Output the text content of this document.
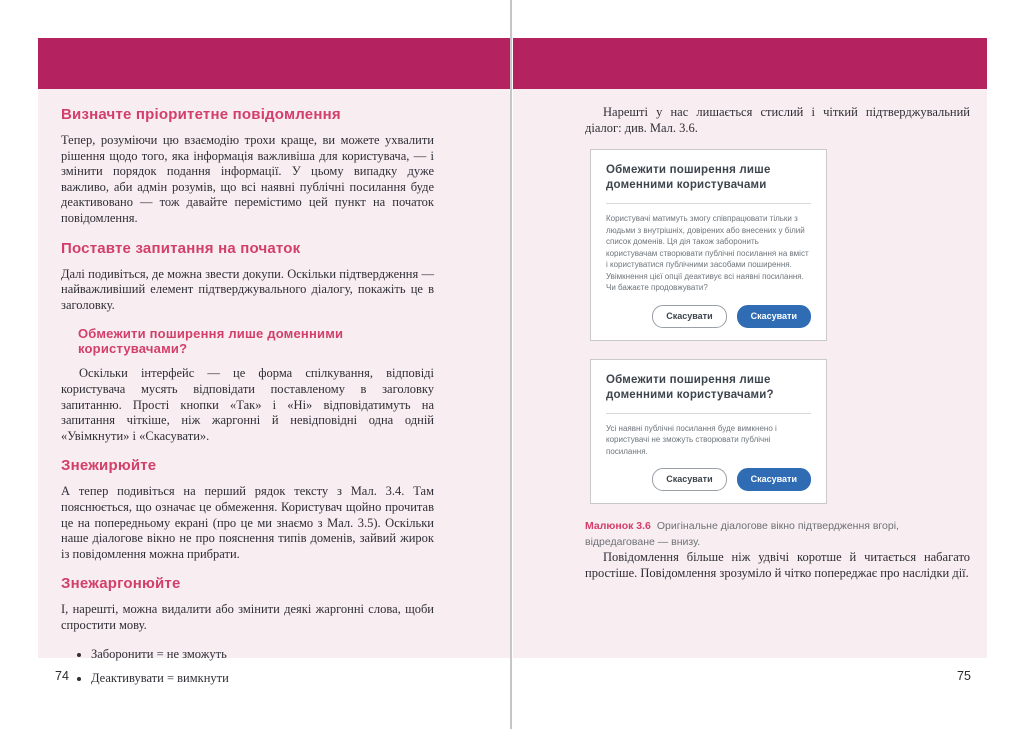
Визначте пріоритетне повідомлення

Тепер, розуміючи цю взаємодію трохи краще, ви можете ухвалити рішення щодо того, яка інформація важливіша для користувача, — і змінити порядок подання інформації. У цьому випадку дуже важливо, аби адмін розумів, що всі наявні публічні посилання буде деактивовано — тож давайте перемістимо цей пункт на початок повідомлення.

Поставте запитання на початок

Далі подивіться, де можна звести докупи. Оскільки підтвердження — найважливіший елемент підтверджувального діалогу, покажіть це в заголовку.

Обмежити поширення лише доменними користувачами?

Оскільки інтерфейс — це форма спілкування, відповіді користувача мусять відповідати поставленому в заголовку запитанню. Прості кнопки «Так» і «Ні» відповідатимуть на запитання чіткіше, ніж жаргонні й невідповідні одна одній «Увімкнути» і «Скасувати».

Знежирюйте

А тепер подивіться на перший рядок тексту з Мал. 3.4. Там пояснюється, що означає це обмеження. Користувач щойно прочитав це на попередньому екрані (про це ми знаємо з Мал. 3.5). Оскільки наше діалогове вікно не про пояснення типів доменів, зайвий жирок із повідомлення можна прибрати.

Знежаргонюйте

І, нарешті, можна видалити або змінити деякі жаргонні слова, щоби спростити мову.

• Заборонити = не зможуть
• Деактивувати = вимкнути

Нарешті у нас лишається стислий і чіткий підтверджувальний діалог: див. Мал. 3.6.

Обмежити поширення лише доменними користувачами

Користувачі матимуть змогу співпрацювати тільки з людьми з внутрішніх, довірених або внесених у білий список доменів. Ця дія також заборонить користувачам створювати публічні посилання на вміст і користуватися публічними засобами поширення. Увімкнення цієї опції деактивує всі наявні посилання. Чи бажаєте продовжувати?

Скасувати	Скасувати

Обмежити поширення лише доменними користувачами?

Усі наявні публічні посилання буде вимкнено і користувачі не зможуть створювати публічні посилання.

Скасувати	Скасувати
Малюнок 3.6 Оригінальне діалогове вікно підтвердження вгорі, відредаговане — внизу.

Повідомлення більше ніж удвічі коротше й читається набагато простіше. Повідомлення зрозуміло й чітко попереджає про наслідки дії.

74	75
